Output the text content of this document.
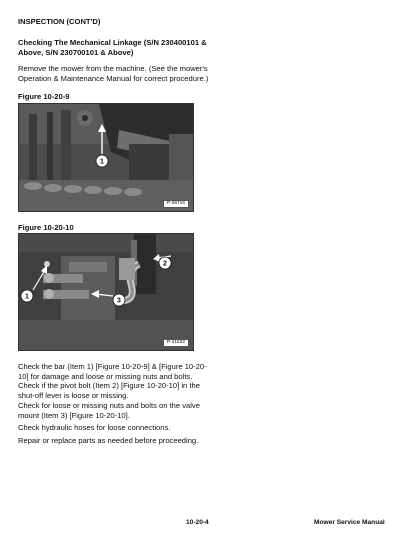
INSPECTION (CONT'D)

Checking The Mechanical Linkage (S/N 230400101 &

Above, S/N 230700101 & Above)

Remove the mower from the machine. (See the mower's

Operation & Maintenance Manual for correct procedure.)

Figure 10-20-9

1
P-36716

Figure 10-20-10

2
1
3
P-41532

Check the bar (Item 1) [Figure 10-20-9] & [Figure 10-20-

10] for damage and loose or missing nuts and bolts.

Check if the pivot bolt (Item 2) [Figure 10-20-10] in the

shut-off lever is loose or missing.

Check for loose or missing nuts and bolts on the valve

mount (Item 3) [Figure 10-20-10].

Check hydraulic hoses for loose connections.

Repair or replace parts as needed before proceeding.

10-20-4	Mower Service Manual
